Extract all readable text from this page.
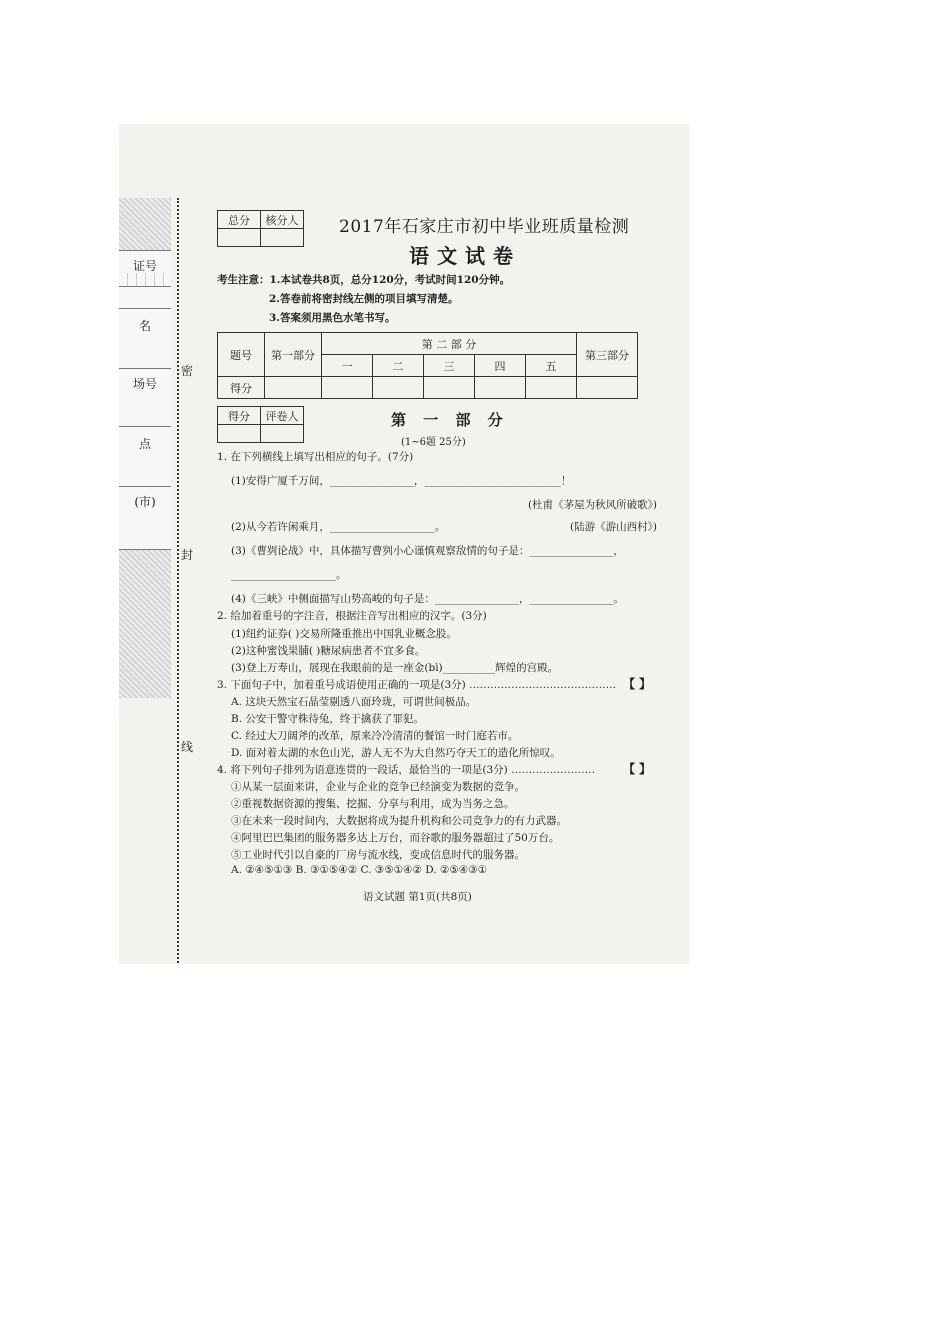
证号
名
场号
点
(市)
密
封
线
总分	核分人
	2017年石家庄市初中毕业班质量检测
语文试卷
考生注意：1.本试卷共8页，总分120分，考试时间120分钟。
2.答卷前将密封线左侧的项目填写清楚。
3.答案须用黑色水笔书写。
题号	第一部分	第 二 部 分					第三部分
		一	二	三	四	五	
得分							
得分	评卷人
		第 一 部 分
(1~6题 25分)
1. 在下列横线上填写出相应的句子。(7分)
(1)安得广厦千万间，________________，__________________________！
(杜甫《茅屋为秋风所破歌》)
(2)从今若许闲乘月，____________________。	(陆游《游山西村》)
(3)《曹刿论战》中，具体描写曹刿小心谨慎观察敌情的句子是：________________，
____________________。
(4)《三峡》中侧面描写山势高峻的句子是：________________，________________。
2. 给加着重号的字注音，根据注音写出相应的汉字。(3分)
(1)纽约证券( )交易所隆重推出中国乳业概念股。
(2)这种蜜饯果脯( )糖尿病患者不宜多食。
(3)登上万寿山，展现在我眼前的是一座金(bì)__________辉煌的宫殿。
3. 下面句子中，加着重号成语使用正确的一项是(3分) …………………………………… 【 】
A. 这块天然宝石晶莹剔透八面玲珑，可谓世间极品。
B. 公安干警守株待兔，终于擒获了罪犯。
C. 经过大刀阔斧的改革，原来冷冷清清的餐馆一时门庭若市。
D. 面对着太湖的水色山光，游人无不为大自然巧夺天工的造化所惊叹。
4. 将下列句子排列为语意连贯的一段话，最恰当的一项是(3分) …………………… 【 】
①从某一层面来讲，企业与企业的竞争已经演变为数据的竞争。
②重视数据资源的搜集、挖掘、分享与利用，成为当务之急。
③在未来一段时间内，大数据将成为提升机构和公司竞争力的有力武器。
④阿里巴巴集团的服务器多达上万台，而谷歌的服务器超过了50万台。
⑤工业时代引以自豪的厂房与流水线，变成信息时代的服务器。
A. ②④⑤①③ B. ③①⑤④② C. ③⑤①④② D. ②⑤④③①
语文试题 第1页(共8页)
